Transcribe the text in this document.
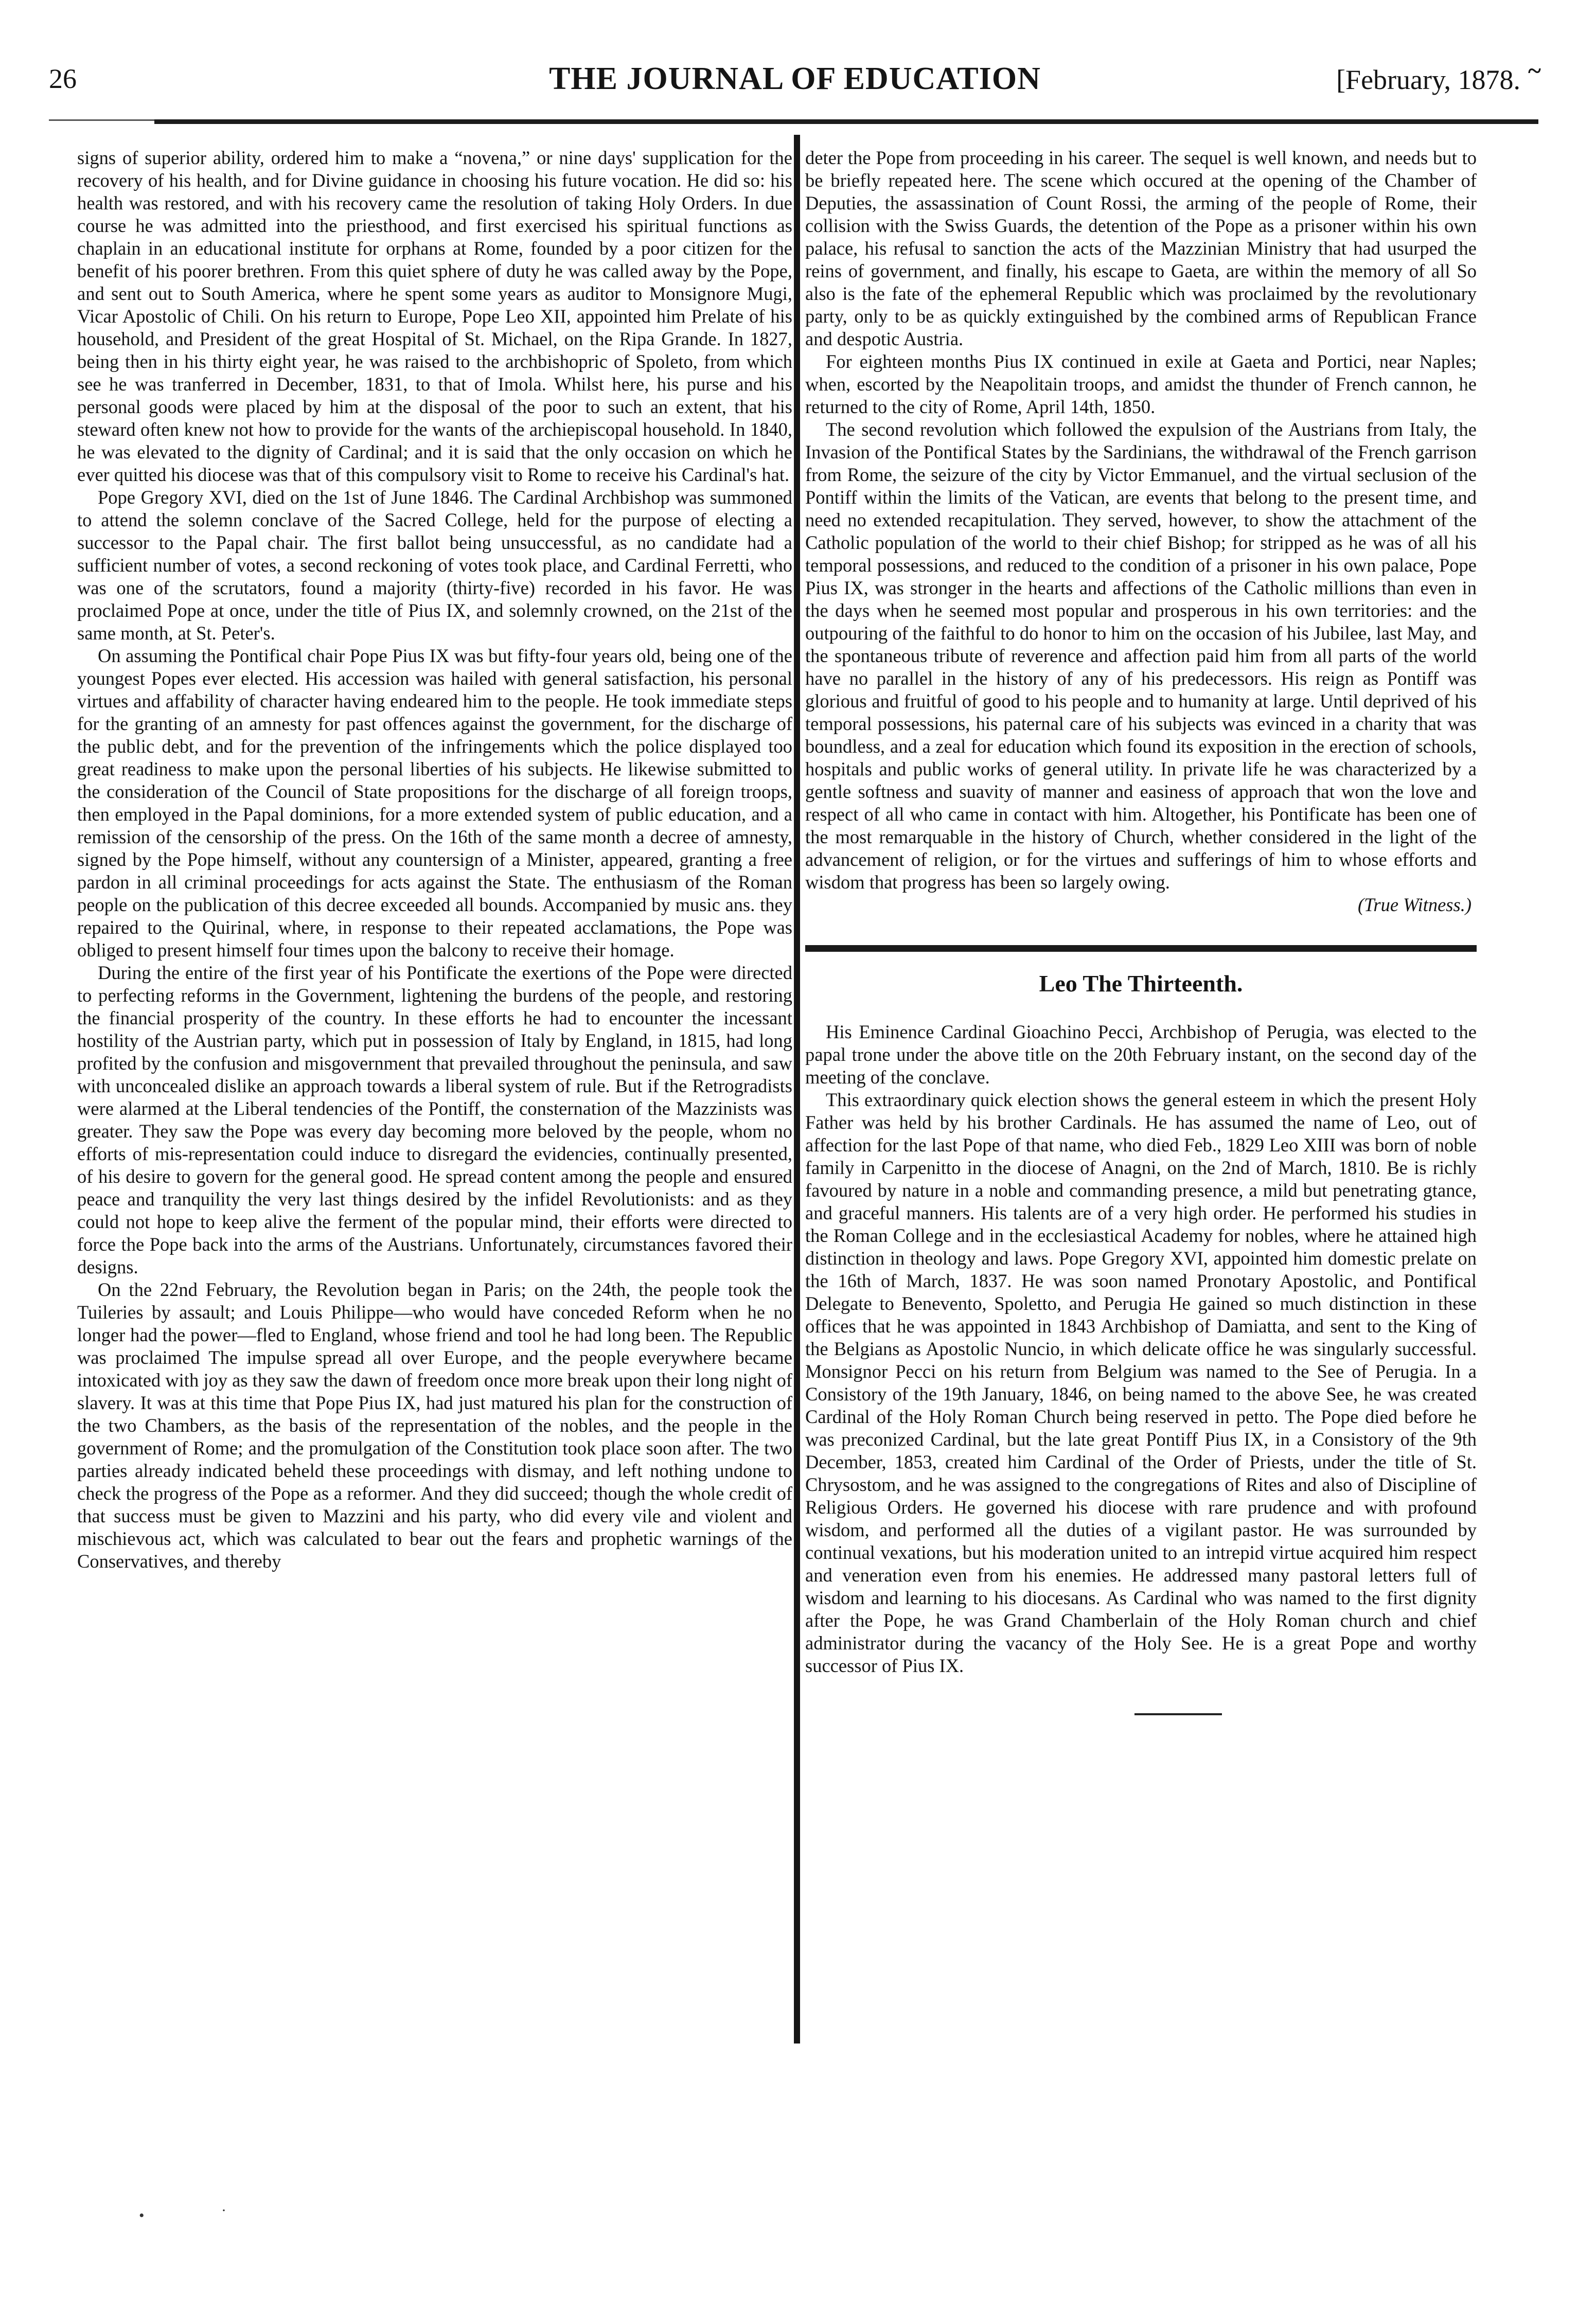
26	THE JOURNAL OF EDUCATION	[February, 1878. ~

signs of superior ability, ordered him to make a “novena,” or nine days' supplication for the recovery of his health, and for Divine guidance in choosing his future vocation. He did so: his health was restored, and with his recovery came the resolution of taking Holy Orders. In due course he was admitted into the priesthood, and first exercised his spiritual functions as chaplain in an educational institute for orphans at Rome, founded by a poor citizen for the benefit of his poorer brethren. From this quiet sphere of duty he was called away by the Pope, and sent out to South America, where he spent some years as auditor to Monsignore Mugi, Vicar Apostolic of Chili. On his return to Europe, Pope Leo XII, appointed him Prelate of his household, and President of the great Hospital of St. Michael, on the Ripa Grande. In 1827, being then in his thirty eight year, he was raised to the archbishopric of Spoleto, from which see he was tranferred in December, 1831, to that of Imola. Whilst here, his purse and his personal goods were placed by him at the disposal of the poor to such an extent, that his steward often knew not how to provide for the wants of the archiepiscopal household. In 1840, he was elevated to the dignity of Cardinal; and it is said that the only occasion on which he ever quitted his diocese was that of this compulsory visit to Rome to receive his Cardinal's hat.

Pope Gregory XVI, died on the 1st of June 1846. The Cardinal Archbishop was summoned to attend the solemn conclave of the Sacred College, held for the purpose of electing a successor to the Papal chair. The first ballot being unsuccessful, as no candidate had a sufficient number of votes, a second reckoning of votes took place, and Cardinal Ferretti, who was one of the scrutators, found a majority (thirty-five) recorded in his favor. He was proclaimed Pope at once, under the title of Pius IX, and solemnly crowned, on the 21st of the same month, at St. Peter's.

On assuming the Pontifical chair Pope Pius IX was but fifty-four years old, being one of the youngest Popes ever elected. His accession was hailed with general satisfaction, his personal virtues and affability of character having endeared him to the people. He took immediate steps for the granting of an amnesty for past offences against the government, for the discharge of the public debt, and for the prevention of the infringements which the police displayed too great readiness to make upon the personal liberties of his subjects. He likewise submitted to the consideration of the Council of State propositions for the discharge of all foreign troops, then employed in the Papal dominions, for a more extended system of public education, and a remission of the censorship of the press. On the 16th of the same month a decree of amnesty, signed by the Pope himself, without any countersign of a Minister, appeared, granting a free pardon in all criminal proceedings for acts against the State. The enthusiasm of the Roman people on the publication of this decree exceeded all bounds. Accompanied by music ans. they repaired to the Quirinal, where, in response to their repeated acclamations, the Pope was obliged to present himself four times upon the balcony to receive their homage.

During the entire of the first year of his Pontificate the exertions of the Pope were directed to perfecting reforms in the Government, lightening the burdens of the people, and restoring the financial prosperity of the country. In these efforts he had to encounter the incessant hostility of the Austrian party, which put in possession of Italy by England, in 1815, had long profited by the confusion and misgovernment that prevailed throughout the peninsula, and saw with unconcealed dislike an approach towards a liberal system of rule. But if the Retrogradists were alarmed at the Liberal tendencies of the Pontiff, the consternation of the Mazzinists was greater. They saw the Pope was every day becoming more beloved by the people, whom no efforts of mis-representation could induce to disregard the evidencies, continually presented, of his desire to govern for the general good. He spread content among the people and ensured peace and tranquility the very last things desired by the infidel Revolutionists: and as they could not hope to keep alive the ferment of the popular mind, their efforts were directed to force the Pope back into the arms of the Austrians. Unfortunately, circumstances favored their designs.

On the 22nd February, the Revolution began in Paris; on the 24th, the people took the Tuileries by assault; and Louis Philippe—who would have conceded Reform when he no longer had the power—fled to England, whose friend and tool he had long been. The Republic was proclaimed The impulse spread all over Europe, and the people everywhere became intoxicated with joy as they saw the dawn of freedom once more break upon their long night of slavery. It was at this time that Pope Pius IX, had just matured his plan for the construction of the two Chambers, as the basis of the representation of the nobles, and the people in the government of Rome; and the promulgation of the Constitution took place soon after. The two parties already indicated beheld these proceedings with dismay, and left nothing undone to check the progress of the Pope as a reformer. And they did succeed; though the whole credit of that success must be given to Mazzini and his party, who did every vile and violent and mischievous act, which was calculated to bear out the fears and prophetic warnings of the Conservatives, and thereby

deter the Pope from proceeding in his career. The sequel is well known, and needs but to be briefly repeated here. The scene which occured at the opening of the Chamber of Deputies, the assassination of Count Rossi, the arming of the people of Rome, their collision with the Swiss Guards, the detention of the Pope as a prisoner within his own palace, his refusal to sanction the acts of the Mazzinian Ministry that had usurped the reins of government, and finally, his escape to Gaeta, are within the memory of all So also is the fate of the ephemeral Republic which was proclaimed by the revolutionary party, only to be as quickly extinguished by the combined arms of Republican France and despotic Austria.

For eighteen months Pius IX continued in exile at Gaeta and Portici, near Naples; when, escorted by the Neapolitain troops, and amidst the thunder of French cannon, he returned to the city of Rome, April 14th, 1850.

The second revolution which followed the expulsion of the Austrians from Italy, the Invasion of the Pontifical States by the Sardinians, the withdrawal of the French garrison from Rome, the seizure of the city by Victor Emmanuel, and the virtual seclusion of the Pontiff within the limits of the Vatican, are events that belong to the present time, and need no extended recapitulation. They served, however, to show the attachment of the Catholic population of the world to their chief Bishop; for stripped as he was of all his temporal possessions, and reduced to the condition of a prisoner in his own palace, Pope Pius IX, was stronger in the hearts and affections of the Catholic millions than even in the days when he seemed most popular and prosperous in his own territories: and the outpouring of the faithful to do honor to him on the occasion of his Jubilee, last May, and the spontaneous tribute of reverence and affection paid him from all parts of the world have no parallel in the history of any of his predecessors. His reign as Pontiff was glorious and fruitful of good to his people and to humanity at large. Until deprived of his temporal possessions, his paternal care of his subjects was evinced in a charity that was boundless, and a zeal for education which found its exposition in the erection of schools, hospitals and public works of general utility. In private life he was characterized by a gentle softness and suavity of manner and easiness of approach that won the love and respect of all who came in contact with him. Altogether, his Pontificate has been one of the most remarquable in the history of Church, whether considered in the light of the advancement of religion, or for the virtues and sufferings of him to whose efforts and wisdom that progress has been so largely owing.

(True Witness.)

Leo The Thirteenth.

His Eminence Cardinal Gioachino Pecci, Archbishop of Perugia, was elected to the papal trone under the above title on the 20th February instant, on the second day of the meeting of the conclave.

This extraordinary quick election shows the general esteem in which the present Holy Father was held by his brother Cardinals. He has assumed the name of Leo, out of affection for the last Pope of that name, who died Feb., 1829 Leo XIII was born of noble family in Carpenitto in the diocese of Anagni, on the 2nd of March, 1810. Be is richly favoured by nature in a noble and commanding presence, a mild but penetrating gtance, and graceful manners. His talents are of a very high order. He performed his studies in the Roman College and in the ecclesiastical Academy for nobles, where he attained high distinction in theology and laws. Pope Gregory XVI, appointed him domestic prelate on the 16th of March, 1837. He was soon named Pronotary Apostolic, and Pontifical Delegate to Benevento, Spoletto, and Perugia He gained so much distinction in these offices that he was appointed in 1843 Archbishop of Damiatta, and sent to the King of the Belgians as Apostolic Nuncio, in which delicate office he was singularly successful. Monsignor Pecci on his return from Belgium was named to the See of Perugia. In a Consistory of the 19th January, 1846, on being named to the above See, he was created Cardinal of the Holy Roman Church being reserved in petto. The Pope died before he was preconized Cardinal, but the late great Pontiff Pius IX, in a Consistory of the 9th December, 1853, created him Cardinal of the Order of Priests, under the title of St. Chrysostom, and he was assigned to the congregations of Rites and also of Discipline of Religious Orders. He governed his diocese with rare prudence and with profound wisdom, and performed all the duties of a vigilant pastor. He was surrounded by continual vexations, but his moderation united to an intrepid virtue acquired him respect and veneration even from his enemies. He addressed many pastoral letters full of wisdom and learning to his diocesans. As Cardinal who was named to the first dignity after the Pope, he was Grand Chamberlain of the Holy Roman church and chief administrator during the vacancy of the Holy See. He is a great Pope and worthy successor of Pius IX.

•	·
